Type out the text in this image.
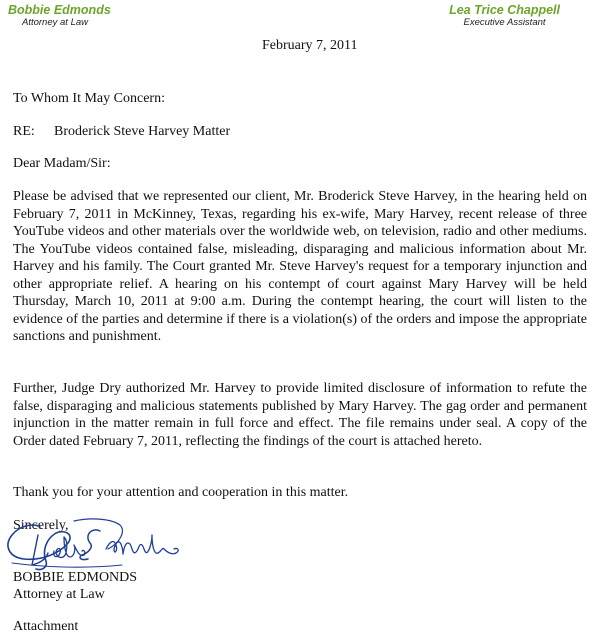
Bobbie Edmonds
Attorney at Law
Lea Trice Chappell
Executive Assistant
February 7, 2011
To Whom It May Concern:
RE: Broderick Steve Harvey Matter
Dear Madam/Sir:
Please be advised that we represented our client, Mr. Broderick Steve Harvey, in the hearing held on February 7, 2011 in McKinney, Texas, regarding his ex-wife, Mary Harvey, recent release of three YouTube videos and other materials over the worldwide web, on television, radio and other mediums. The YouTube videos contained false, misleading, disparaging and malicious information about Mr. Harvey and his family. The Court granted Mr. Steve Harvey's request for a temporary injunction and other appropriate relief. A hearing on his contempt of court against Mary Harvey will be held Thursday, March 10, 2011 at 9:00 a.m. During the contempt hearing, the court will listen to the evidence of the parties and determine if there is a violation(s) of the orders and impose the appropriate sanctions and punishment.
Further, Judge Dry authorized Mr. Harvey to provide limited disclosure of information to refute the false, disparaging and malicious statements published by Mary Harvey. The gag order and permanent injunction in the matter remain in full force and effect. The file remains under seal. A copy of the Order dated February 7, 2011, reflecting the findings of the court is attached hereto.
Thank you for your attention and cooperation in this matter.
Sincerely,
BOBBIE EDMONDS
Attorney at Law
Attachment
